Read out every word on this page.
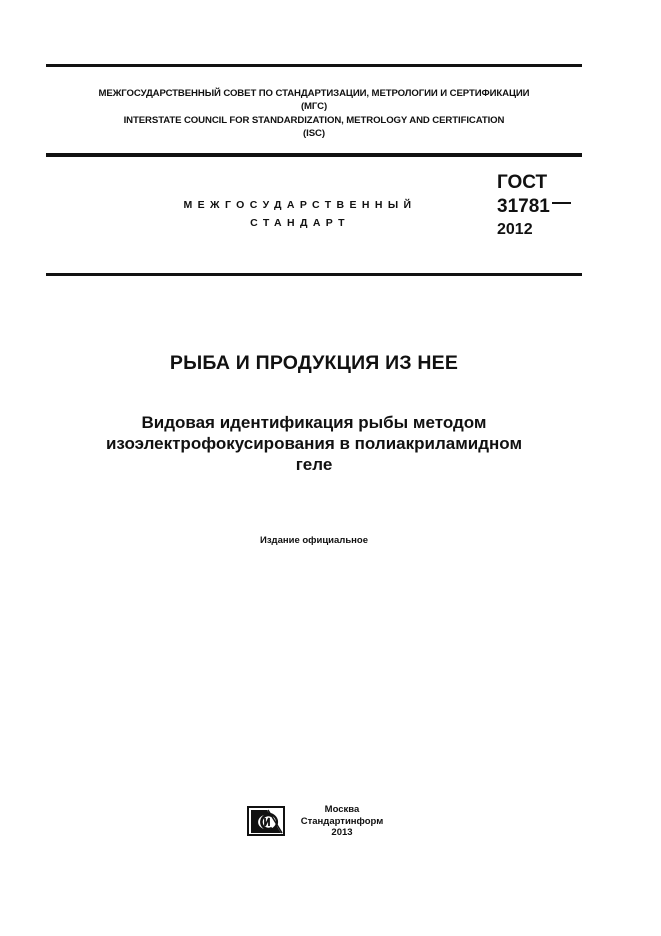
МЕЖГОСУДАРСТВЕННЫЙ СОВЕТ ПО СТАНДАРТИЗАЦИИ, МЕТРОЛОГИИ И СЕРТИФИКАЦИИ
(МГС)
INTERSTATE COUNCIL FOR STANDARDIZATION, METROLOGY AND CERTIFICATION
(ISC)
МЕЖГОСУДАРСТВЕННЫЙ
СТАНДАРТ
ГОСТ
31781
2012
РЫБА И ПРОДУКЦИЯ ИЗ НЕЕ
Видовая идентификация рыбы методом
изоэлектрофокусирования в полиакриламидном
геле
Издание официальное
Москва
Стандартинформ
2013
